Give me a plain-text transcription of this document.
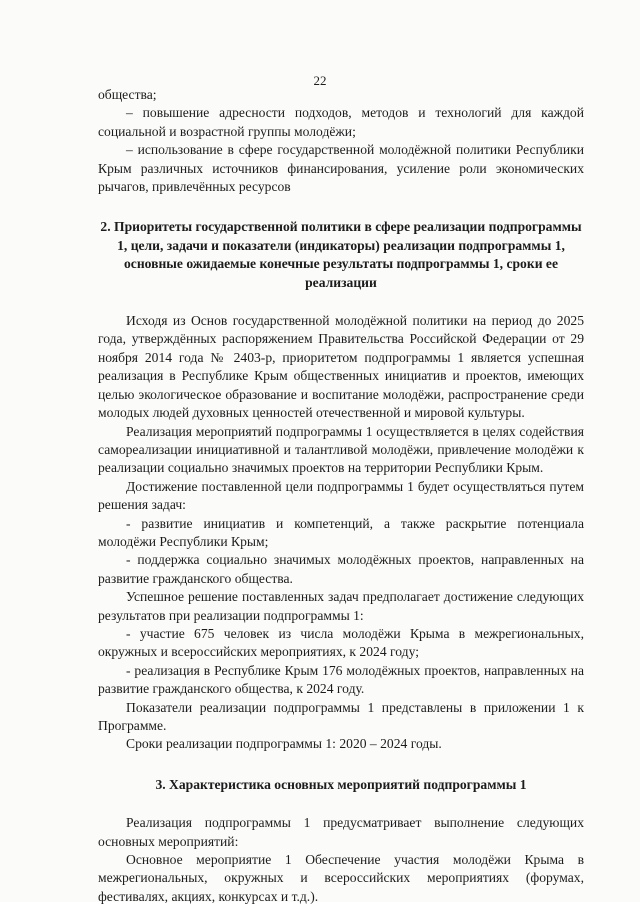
22

общества;

– повышение адресности подходов, методов и технологий для каждой социальной и возрастной группы молодёжи;

– использование в сфере государственной молодёжной политики Республики Крым различных источников финансирования, усиление роли экономических рычагов, привлечённых ресурсов

2. Приоритеты государственной политики в сфере реализации подпрограммы 1, цели, задачи и показатели (индикаторы) реализации подпрограммы 1, основные ожидаемые конечные результаты подпрограммы 1, сроки ее реализации

Исходя из Основ государственной молодёжной политики на период до 2025 года, утверждённых распоряжением Правительства Российской Федерации от 29 ноября 2014 года № 2403-р, приоритетом подпрограммы 1 является успешная реализация в Республике Крым общественных инициатив и проектов, имеющих целью экологическое образование и воспитание молодёжи, распространение среди молодых людей духовных ценностей отечественной и мировой культуры.

Реализация мероприятий подпрограммы 1 осуществляется в целях содействия самореализации инициативной и талантливой молодёжи, привлечение молодёжи к реализации социально значимых проектов на территории Республики Крым.

Достижение поставленной цели подпрограммы 1 будет осуществляться путем решения задач:

- развитие инициатив и компетенций, а также раскрытие потенциала молодёжи Республики Крым;

- поддержка социально значимых молодёжных проектов, направленных на развитие гражданского общества.

Успешное решение поставленных задач предполагает достижение следующих результатов при реализации подпрограммы 1:

- участие 675 человек из числа молодёжи Крыма в межрегиональных, окружных и всероссийских мероприятиях, к 2024 году;

- реализация в Республике Крым 176 молодёжных проектов, направленных на развитие гражданского общества, к 2024 году.

Показатели реализации подпрограммы 1 представлены в приложении 1 к Программе.

Сроки реализации подпрограммы 1: 2020 – 2024 годы.

3. Характеристика основных мероприятий подпрограммы 1

Реализация подпрограммы 1 предусматривает выполнение следующих основных мероприятий:

Основное мероприятие 1 Обеспечение участия молодёжи Крыма в межрегиональных, окружных и всероссийских мероприятиях (форумах, фестивалях, акциях, конкурсах и т.д.).
